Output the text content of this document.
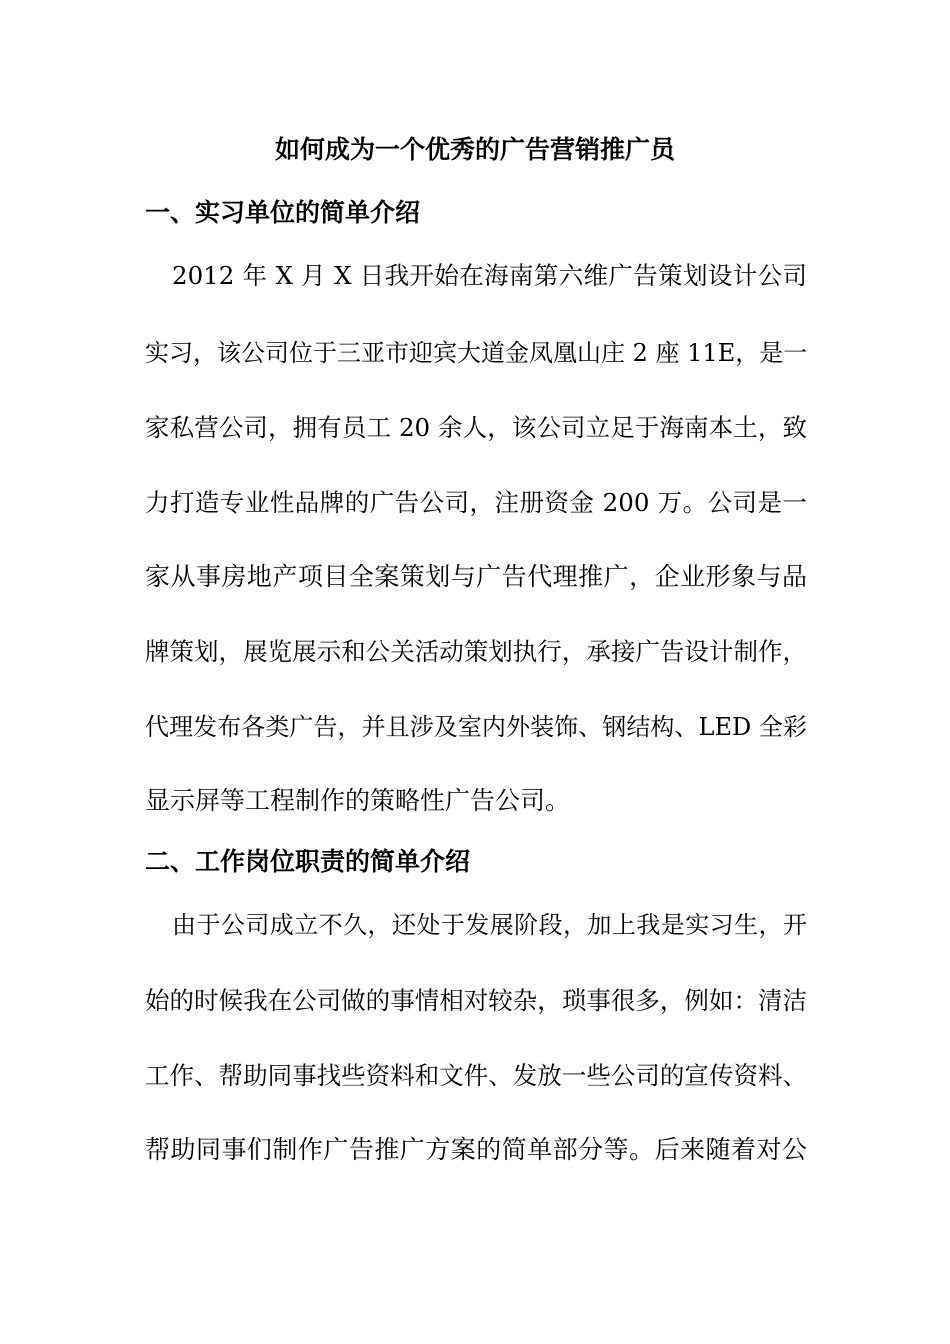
如何成为一个优秀的广告营销推广员
一、实习单位的简单介绍
2012 年 X 月 X 日我开始在海南第六维广告策划设计公司
实习，该公司位于三亚市迎宾大道金凤凰山庄 2 座 11E，是一
家私营公司，拥有员工 20 余人，该公司立足于海南本土，致
力打造专业性品牌的广告公司，注册资金 200 万。公司是一
家从事房地产项目全案策划与广告代理推广，企业形象与品
牌策划，展览展示和公关活动策划执行，承接广告设计制作，
代理发布各类广告，并且涉及室内外装饰、钢结构、LED 全彩
显示屏等工程制作的策略性广告公司。
二、工作岗位职责的简单介绍
由于公司成立不久，还处于发展阶段，加上我是实习生，开
始的时候我在公司做的事情相对较杂，琐事很多，例如：清洁
工作、帮助同事找些资料和文件、发放一些公司的宣传资料、
帮助同事们制作广告推广方案的简单部分等。后来随着对公
